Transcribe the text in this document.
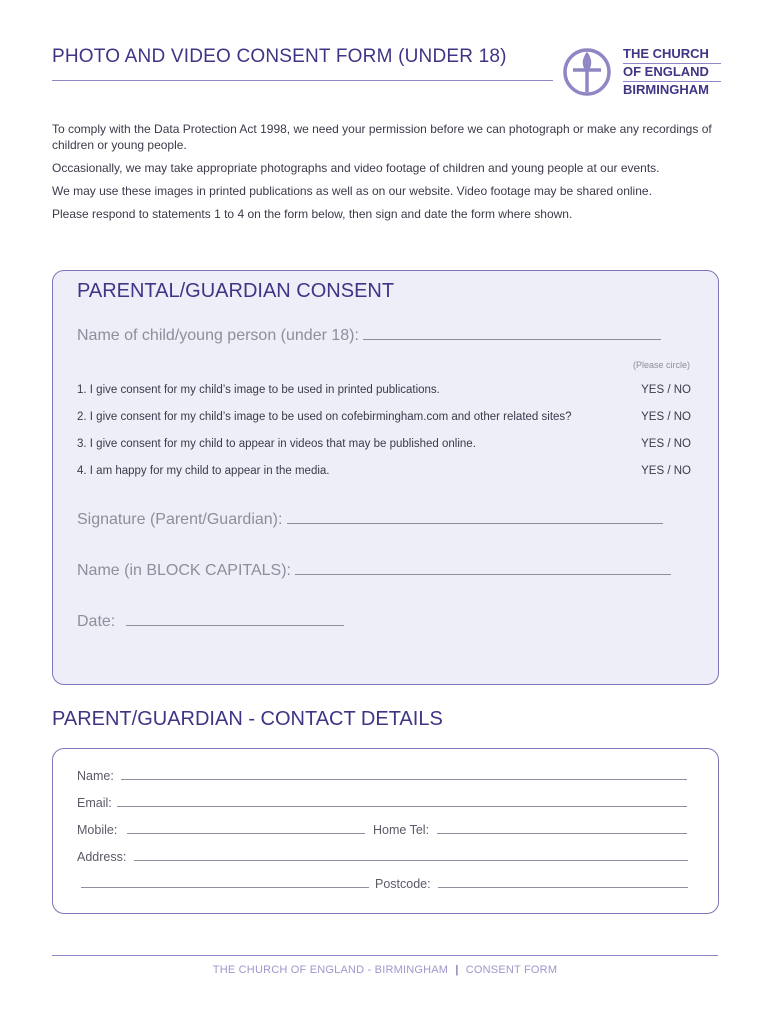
PHOTO AND VIDEO CONSENT FORM (UNDER 18)	THE CHURCH
OF ENGLAND
BIRMINGHAM

To comply with the Data Protection Act 1998, we need your permission before we can photograph or make any recordings of children or young people.

Occasionally, we may take appropriate photographs and video footage of children and young people at our events.

We may use these images in printed publications as well as on our website. Video footage may be shared online.

Please respond to statements 1 to 4 on the form below, then sign and date the form where shown.

PARENTAL/GUARDIAN CONSENT
Name of child/young person (under 18):
(Please circle)
1. I give consent for my child’s image to be used in printed publications.	YES / NO
2. I give consent for my child’s image to be used on cofebirmingham.com and other related sites?	YES / NO
3. I give consent for my child to appear in videos that may be published online.	YES / NO
4. I am happy for my child to appear in the media.	YES / NO
Signature (Parent/Guardian):
Name (in BLOCK CAPITALS):
Date:
PARENT/GUARDIAN - CONTACT DETAILS
Name:
Email:
Mobile:	Home Tel:
Address:
Postcode:
THE CHURCH OF ENGLAND - BIRMINGHAM | CONSENT FORM
